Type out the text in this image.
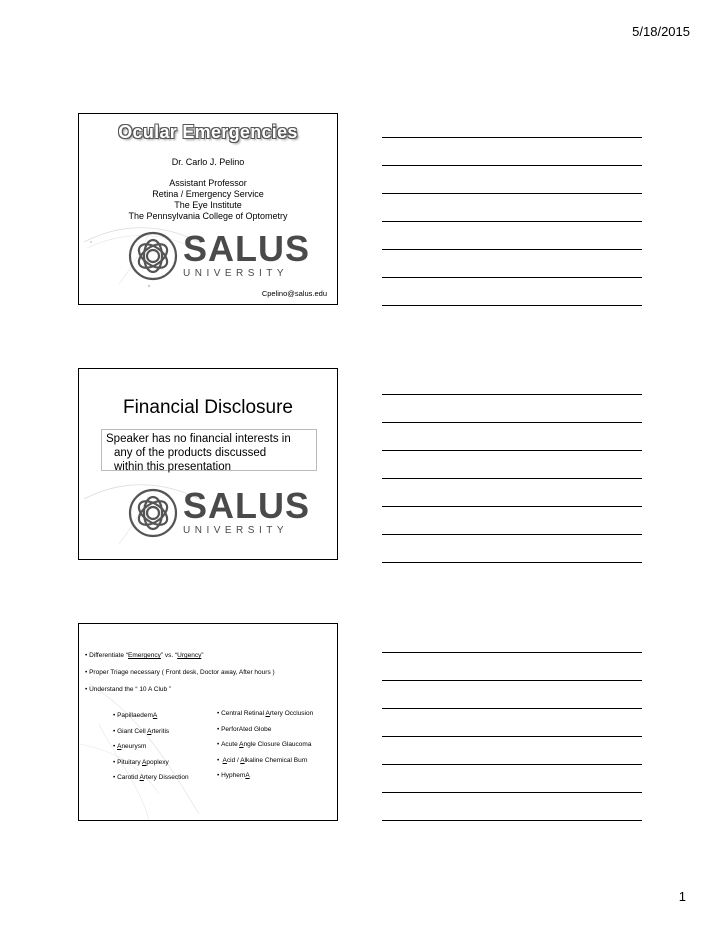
5/18/2015
Ocular Emergencies
Dr. Carlo J. Pelino
Assistant Professor
Retina / Emergency Service
The Eye Institute
The Pennsylvania College of Optometry
SALUS
UNIVERSITY
Cpelino@salus.edu
Financial Disclosure
Speaker has no financial interests in
any of the products discussed
within this presentation
SALUS
UNIVERSITY
• Differentiate “Emergency” vs. “Urgency”
• Proper Triage necessary ( Front desk, Doctor away, After hours )
• Understand the “ 10 A Club ”
• PapillaedemA
• Giant Cell Arteritis
• Aneurysm
• Pituitary Apoplexy
• Carotid Artery Dissection
• Central Retinal Artery Occlusion
• PerforAted Globe
• Acute Angle Closure Glaucoma
• Acid / Alkaline Chemical Burn
• HyphemA
1
